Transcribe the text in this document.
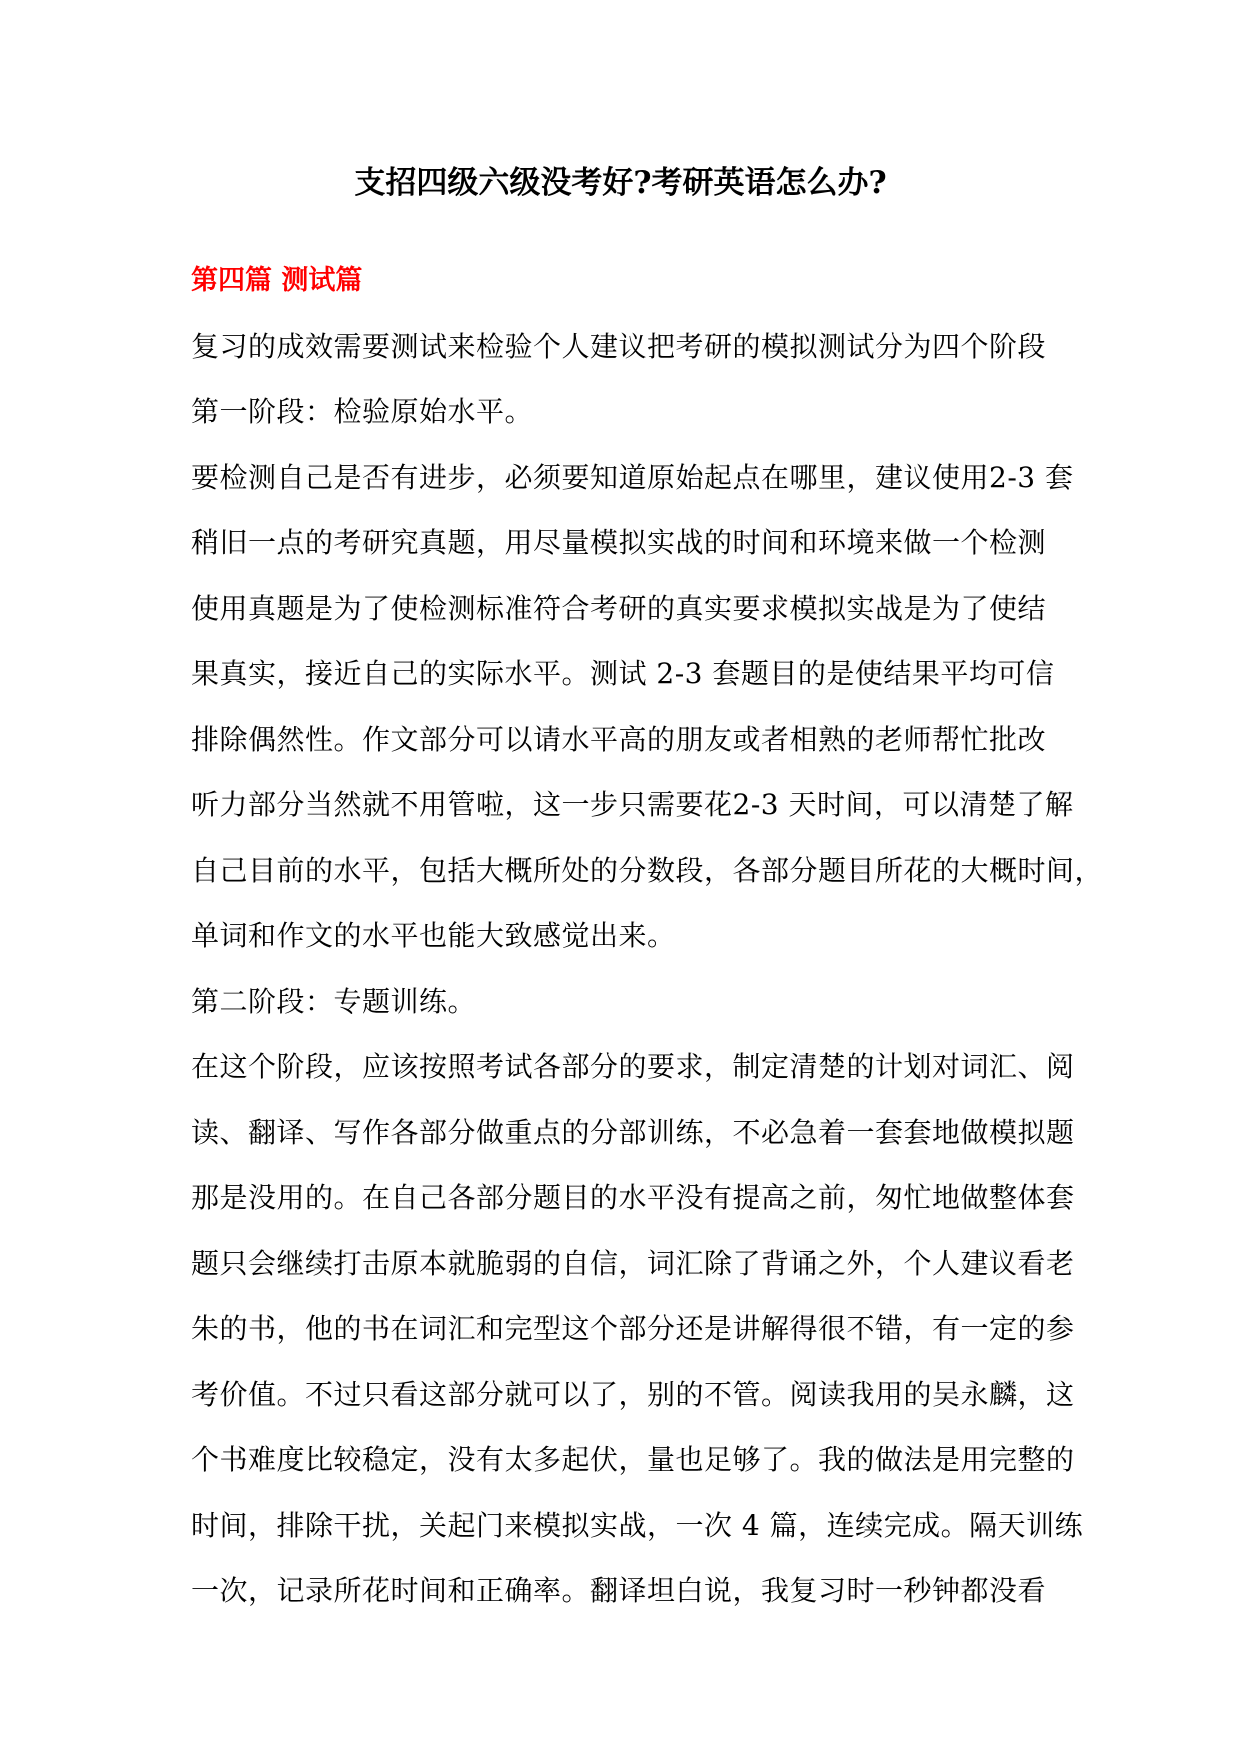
支招四级六级没考好?考研英语怎么办?
第四篇 测试篇
复习的成效需要测试来检验个人建议把考研的模拟测试分为四个阶段
第一阶段：检验原始水平。
要检测自己是否有进步，必须要知道原始起点在哪里，建议使用2-3 套
稍旧一点的考研究真题，用尽量模拟实战的时间和环境来做一个检测
使用真题是为了使检测标准符合考研的真实要求模拟实战是为了使结
果真实，接近自己的实际水平。测试 2-3 套题目的是使结果平均可信
排除偶然性。作文部分可以请水平高的朋友或者相熟的老师帮忙批改
听力部分当然就不用管啦，这一步只需要花2-3 天时间，可以清楚了解
自己目前的水平，包括大概所处的分数段，各部分题目所花的大概时间，
单词和作文的水平也能大致感觉出来。
第二阶段：专题训练。
在这个阶段，应该按照考试各部分的要求，制定清楚的计划对词汇、阅
读、翻译、写作各部分做重点的分部训练，不必急着一套套地做模拟题
那是没用的。在自己各部分题目的水平没有提高之前，匆忙地做整体套
题只会继续打击原本就脆弱的自信，词汇除了背诵之外，个人建议看老
朱的书，他的书在词汇和完型这个部分还是讲解得很不错，有一定的参
考价值。不过只看这部分就可以了，别的不管。阅读我用的吴永麟，这
个书难度比较稳定，没有太多起伏，量也足够了。我的做法是用完整的
时间，排除干扰，关起门来模拟实战，一次 4 篇，连续完成。隔天训练
一次，记录所花时间和正确率。翻译坦白说，我复习时一秒钟都没看
